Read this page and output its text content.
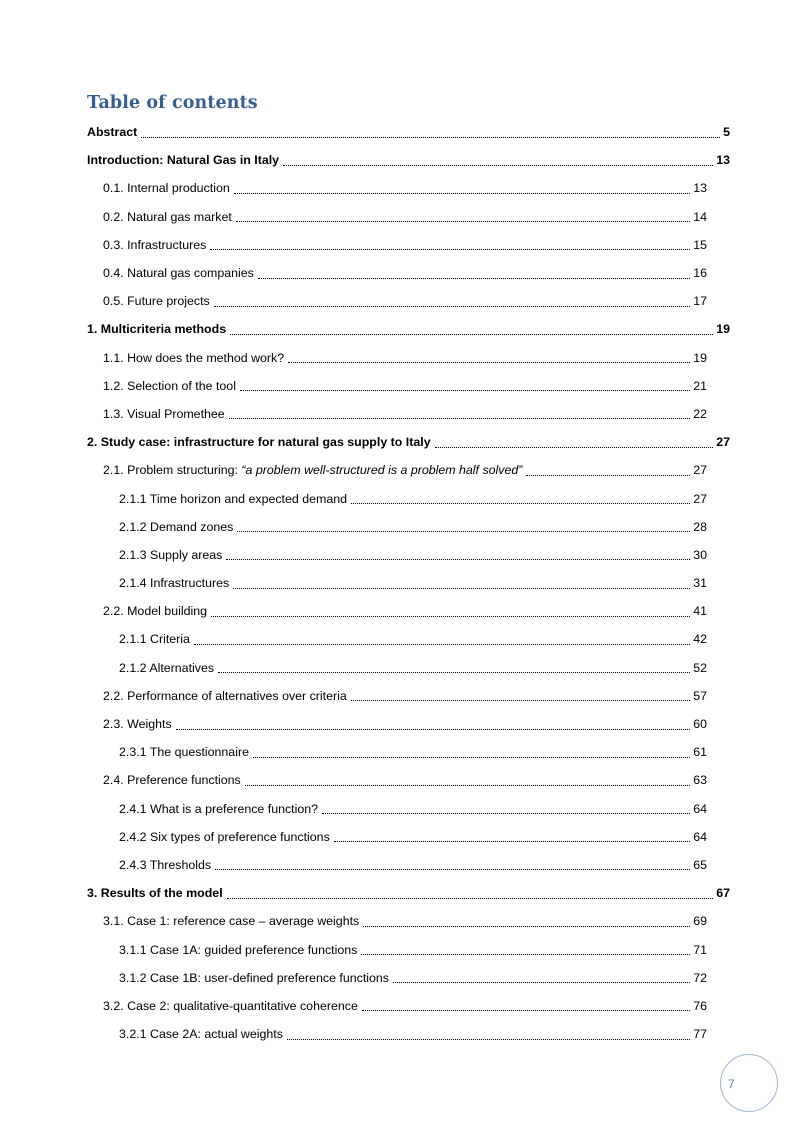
Table of contents
Abstract	5
Introduction: Natural Gas in Italy	13
0.1. Internal production	13
0.2. Natural gas market	14
0.3. Infrastructures	15
0.4. Natural gas companies	16
0.5. Future projects	17
1. Multicriteria methods	19
1.1. How does the method work?	19
1.2. Selection of the tool	21
1.3. Visual Promethee	22
2. Study case: infrastructure for natural gas supply to Italy	27
2.1. Problem structuring: “a problem well-structured is a problem half solved”	27
2.1.1 Time horizon and expected demand	27
2.1.2 Demand zones	28
2.1.3 Supply areas	30
2.1.4 Infrastructures	31
2.2. Model building	41
2.1.1 Criteria	42
2.1.2 Alternatives	52
2.2. Performance of alternatives over criteria	57
2.3. Weights	60
2.3.1 The questionnaire	61
2.4. Preference functions	63
2.4.1 What is a preference function?	64
2.4.2 Six types of preference functions	64
2.4.3 Thresholds	65
3. Results of the model	67
3.1. Case 1: reference case – average weights	69
3.1.1 Case 1A: guided preference functions	71
3.1.2 Case 1B: user-defined preference functions	72
3.2. Case 2: qualitative-quantitative coherence	76
3.2.1 Case 2A: actual weights	77
7
